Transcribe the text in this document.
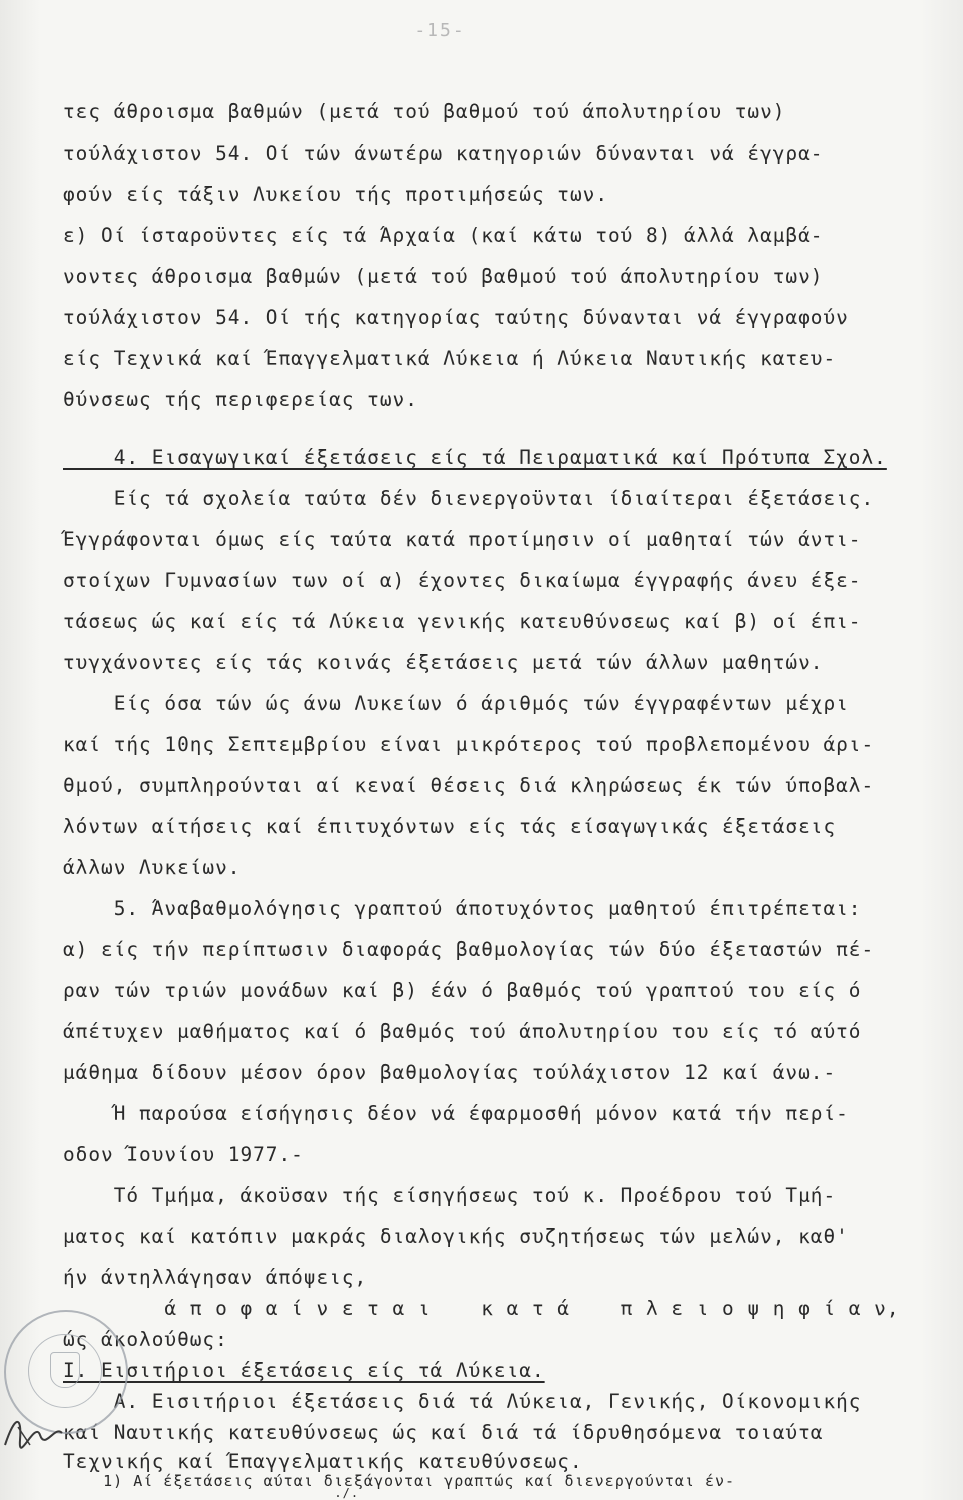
-15-
τες άθροισμα βαθμών (μετά τού βαθμού τού άπολυτηρίου των)
τούλάχιστον 54. Οί τών άνωτέρω κατηγοριών δύνανται νά έγγρα-
φούν είς τάξιν Λυκείου τής προτιμήσεώς των.
ε) Οί ίσταροϋντες είς τά Άρχαία (καί κάτω τού 8) άλλά λαμβά-
νοντες άθροισμα βαθμών (μετά τού βαθμού τού άπολυτηρίου των)
τούλάχιστον 54. Οί τής κατηγορίας ταύτης δύνανται νά έγγραφούν
είς Τεχνικά καί Έπαγγελματικά Λύκεια ή Λύκεια Ναυτικής κατευ-
θύνσεως τής περιφερείας των.
4. Εισαγωγικαί έξετάσεις είς τά Πειραματικά καί Πρότυπα Σχολ.
Είς τά σχολεία ταύτα δέν διενεργοϋνται ίδιαίτεραι έξετάσεις.
Έγγράφονται όμως είς ταύτα κατά προτίμησιν οί μαθηταί τών άντι-
στοίχων Γυμνασίων των οί α) έχοντες δικαίωμα έγγραφής άνευ έξε-
τάσεως ώς καί είς τά Λύκεια γενικής κατευθύνσεως καί β) οί έπι-
τυγχάνοντες είς τάς κοινάς έξετάσεις μετά τών άλλων μαθητών.
Είς όσα τών ώς άνω Λυκείων ό άριθμός τών έγγραφέντων μέχρι
καί τής 10ης Σεπτεμβρίου είναι μικρότερος τού προβλεπομένου άρι-
θμού, συμπληρούνται αί κεναί θέσεις διά κληρώσεως έκ τών ύποβαλ-
λόντων αίτήσεις καί έπιτυχόντων είς τάς είσαγωγικάς έξετάσεις
άλλων Λυκείων.
5. Άναβαθμολόγησις γραπτού άποτυχόντος μαθητού έπιτρέπεται:
α) είς τήν περίπτωσιν διαφοράς βαθμολογίας τών δύο έξεταστών πέ-
ραν τών τριών μονάδων καί β) έάν ό βαθμός τού γραπτού του είς ό
άπέτυχεν μαθήματος καί ό βαθμός τού άπολυτηρίου του είς τό αύτό
μάθημα δίδουν μέσον όρον βαθμολογίας τούλάχιστον 12 καί άνω.-
Ή παρούσα είσήγησις δέον νά έφαρμοσθή μόνον κατά τήν περί-
οδον Ίουνίου 1977.-
Τό Τμήμα, άκοϋσαν τής είσηγήσεως τού κ. Προέδρου τού Τμή-
ματος καί κατόπιν μακράς διαλογικής συζητήσεως τών μελών, καθ'
ήν άντηλλάγησαν άπόψεις,
ά π ο φ α ί ν ε τ α ι    κ α τ ά    π λ ε ι ο ψ η φ ί α ν,
ώς άκολούθως:
I. Εισιτήριοι έξετάσεις είς τά Λύκεια.
Α. Εισιτήριοι έξετάσεις διά τά Λύκεια, Γενικής, Οίκονομικής
καί Ναυτικής κατευθύνσεως ώς καί διά τά ίδρυθησόμενα τοιαύτα
Τεχνικής καί Έπαγγελματικής κατευθύνσεως.
1) Αί έξετάσεις αύται διεξάγονται γραπτώς καί διενεργούνται έν-
./.
